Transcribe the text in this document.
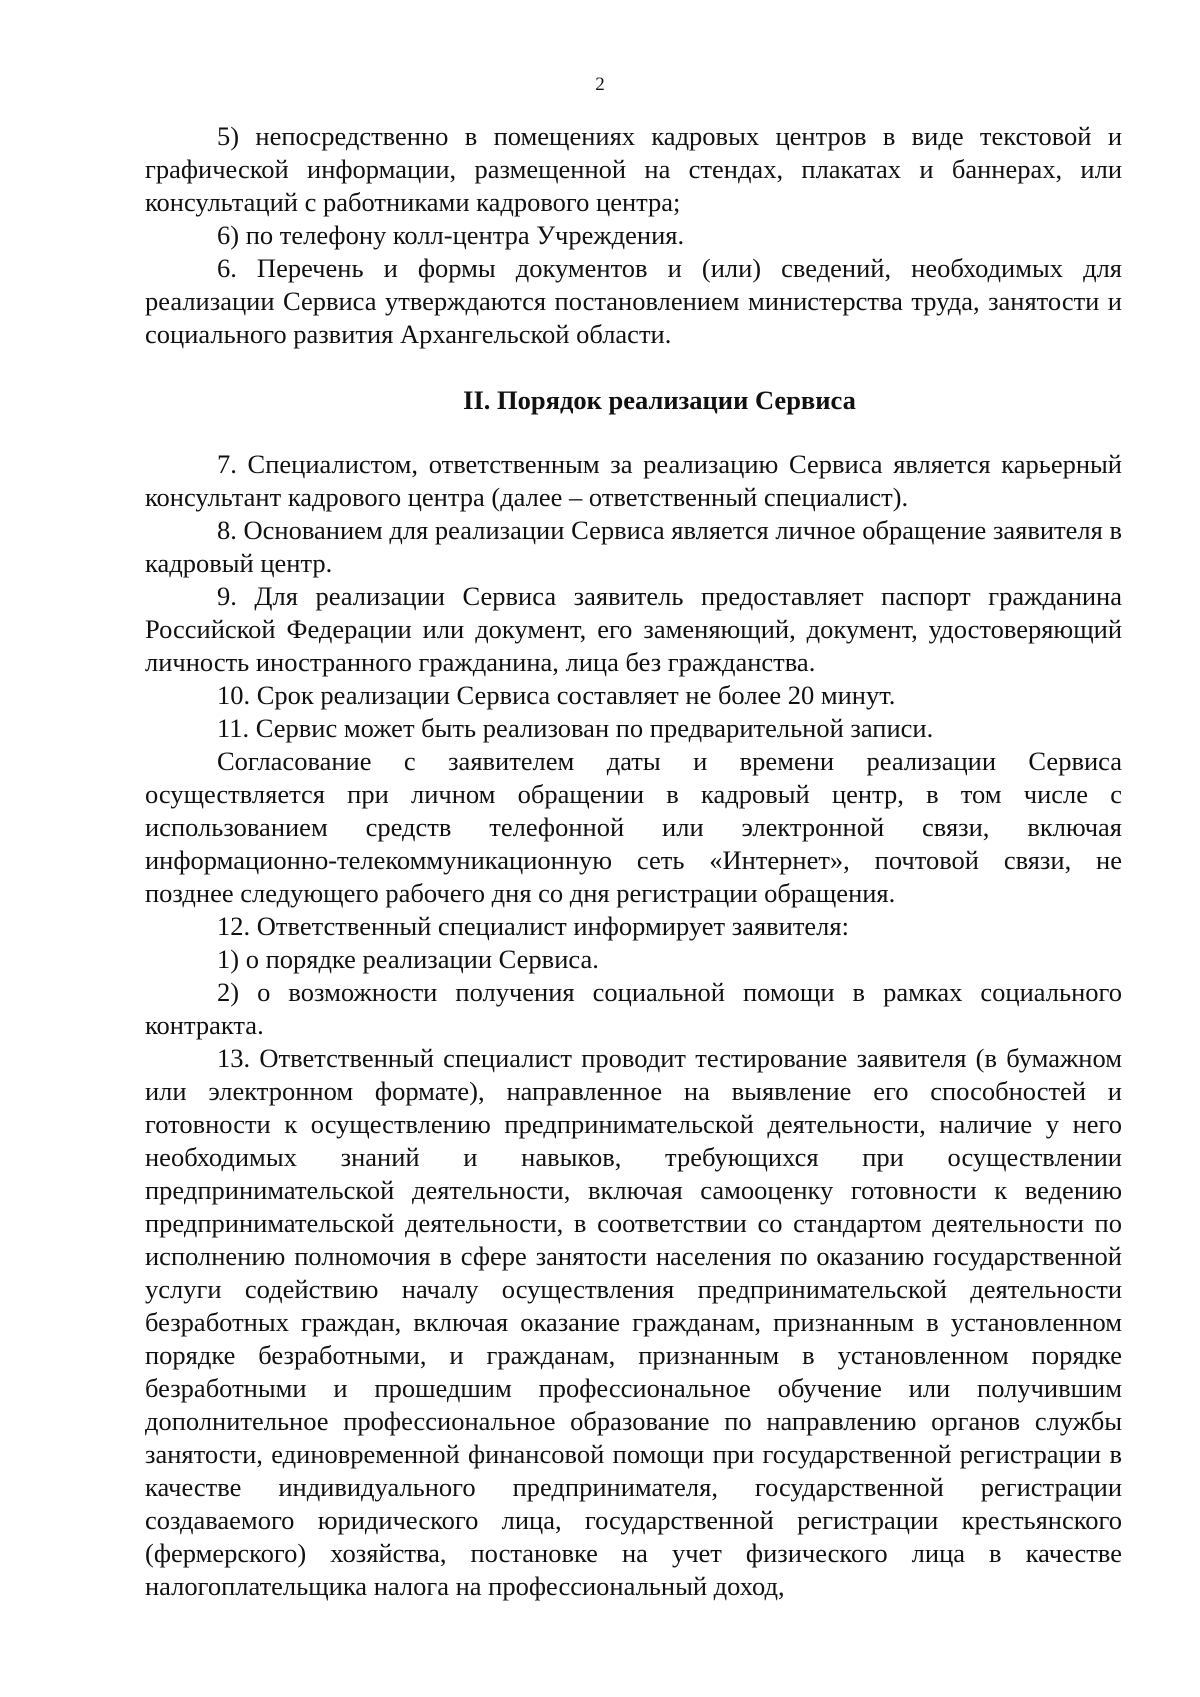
2

5) непосредственно в помещениях кадровых центров в виде текстовой и графической информации, размещенной на стендах, плакатах и баннерах, или консультаций с работниками кадрового центра;

6) по телефону колл-центра Учреждения.

6. Перечень и формы документов и (или) сведений, необходимых для реализации Сервиса утверждаются постановлением министерства труда, занятости и социального развития Архангельской области.

II. Порядок реализации Сервиса

7. Специалистом, ответственным за реализацию Сервиса является карьерный консультант кадрового центра (далее – ответственный специалист).

8. Основанием для реализации Сервиса является личное обращение заявителя в кадровый центр.

9. Для реализации Сервиса заявитель предоставляет паспорт гражданина Российской Федерации или документ, его заменяющий, документ, удостоверяющий личность иностранного гражданина, лица без гражданства.

10. Срок реализации Сервиса составляет не более 20 минут.

11. Сервис может быть реализован по предварительной записи.

Согласование с заявителем даты и времени реализации Сервиса осуществляется при личном обращении в кадровый центр, в том числе с использованием средств телефонной или электронной связи, включая информационно-телекоммуникационную сеть «Интернет», почтовой связи, не позднее следующего рабочего дня со дня регистрации обращения.

12. Ответственный специалист информирует заявителя:

1) о порядке реализации Сервиса.

2) о возможности получения социальной помощи в рамках социального контракта.

13. Ответственный специалист проводит тестирование заявителя (в бумажном или электронном формате), направленное на выявление его способностей и готовности к осуществлению предпринимательской деятельности, наличие у него необходимых знаний и навыков, требующихся при осуществлении предпринимательской деятельности, включая самооценку готовности к ведению предпринимательской деятельности, в соответствии со стандартом деятельности по исполнению полномочия в сфере занятости населения по оказанию государственной услуги содействию началу осуществления предпринимательской деятельности безработных граждан, включая оказание гражданам, признанным в установленном порядке безработными, и гражданам, признанным в установленном порядке безработными и прошедшим профессиональное обучение или получившим дополнительное профессиональное образование по направлению органов службы занятости, единовременной финансовой помощи при государственной регистрации в качестве индивидуального предпринимателя, государственной регистрации создаваемого юридического лица, государственной регистрации крестьянского (фермерского) хозяйства, постановке на учет физического лица в качестве налогоплательщика налога на профессиональный доход,
